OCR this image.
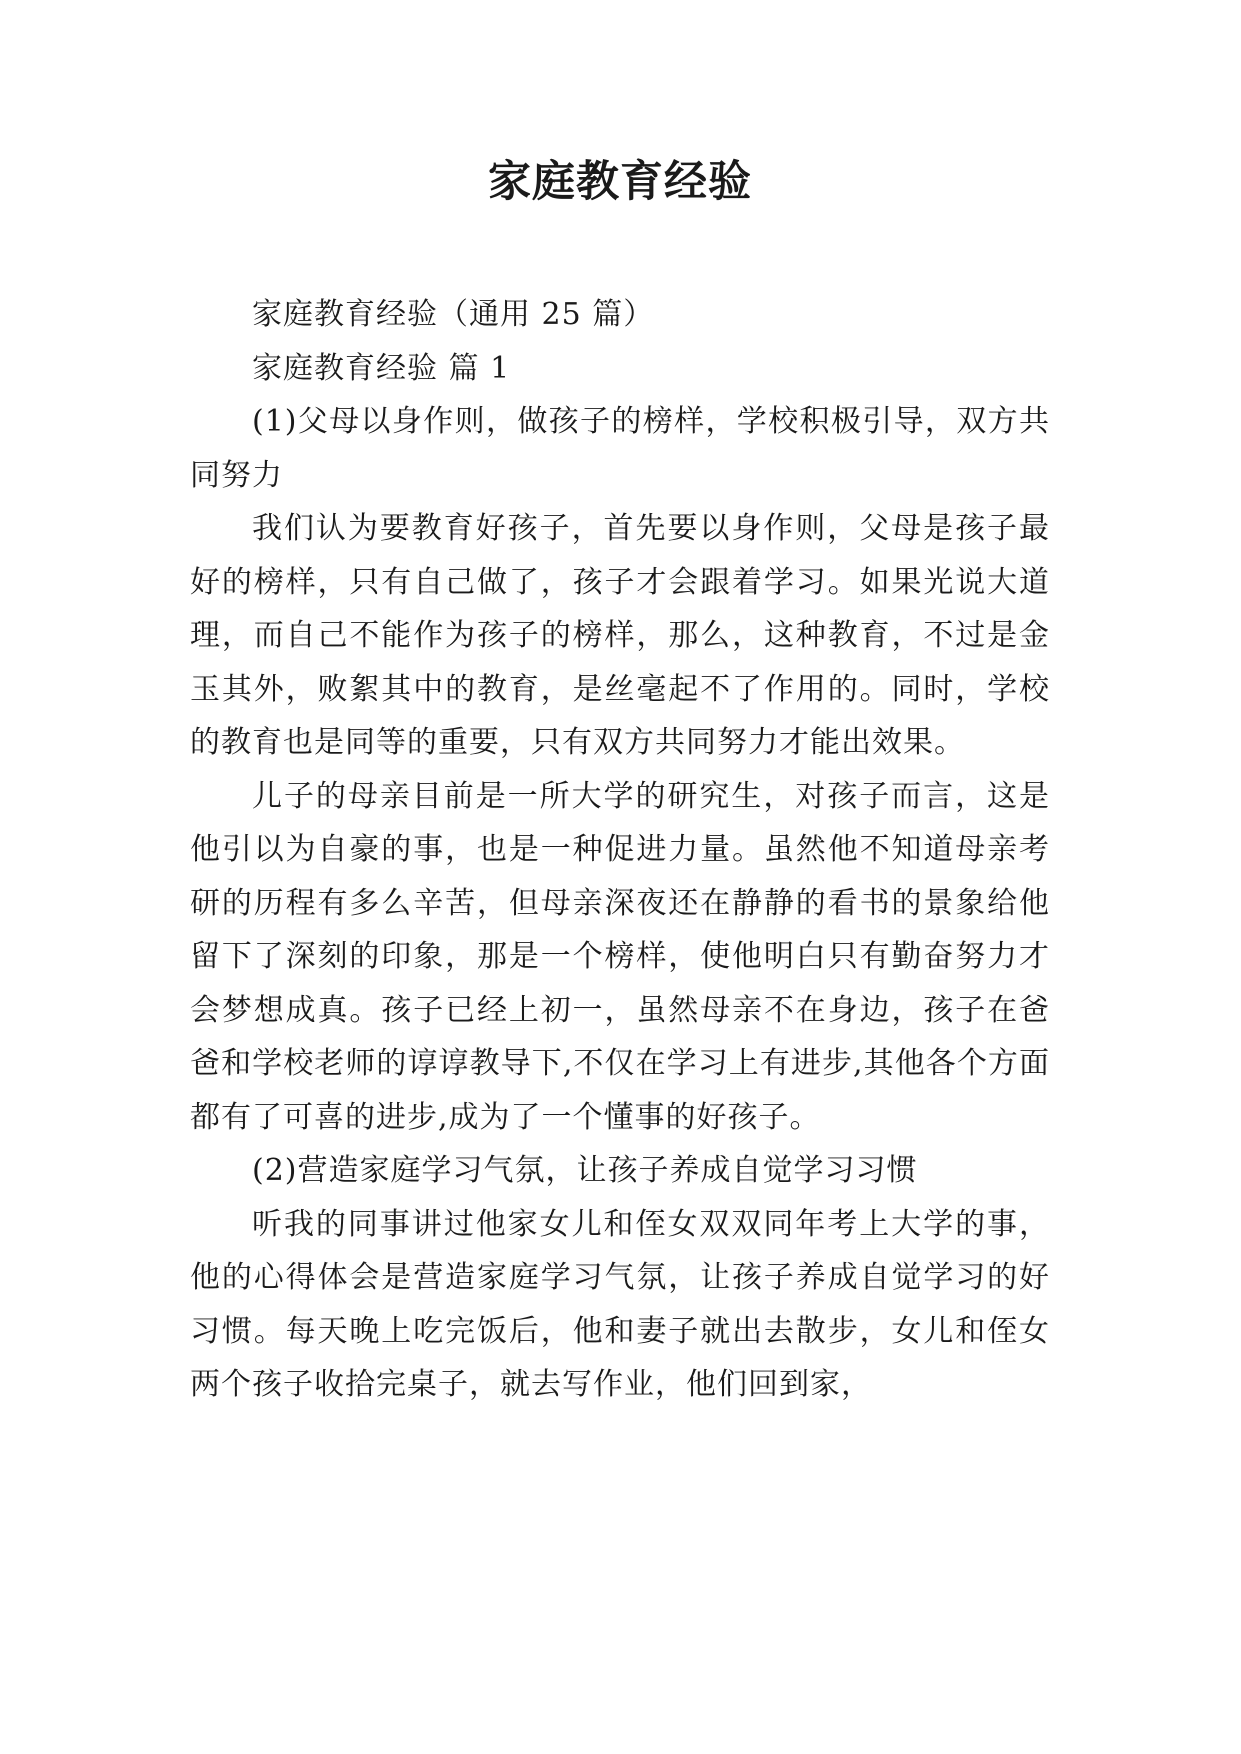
家庭教育经验

家庭教育经验（通用 25 篇）

家庭教育经验 篇 1

(1)父母以身作则，做孩子的榜样，学校积极引导，双方共同努力

我们认为要教育好孩子，首先要以身作则，父母是孩子最好的榜样，只有自己做了，孩子才会跟着学习。如果光说大道理，而自己不能作为孩子的榜样，那么，这种教育，不过是金玉其外，败絮其中的教育，是丝毫起不了作用的。同时，学校的教育也是同等的重要，只有双方共同努力才能出效果。

儿子的母亲目前是一所大学的研究生，对孩子而言，这是他引以为自豪的事，也是一种促进力量。虽然他不知道母亲考研的历程有多么辛苦，但母亲深夜还在静静的看书的景象给他留下了深刻的印象，那是一个榜样，使他明白只有勤奋努力才会梦想成真。孩子已经上初一，虽然母亲不在身边，孩子在爸爸和学校老师的谆谆教导下,不仅在学习上有进步,其他各个方面都有了可喜的进步,成为了一个懂事的好孩子。

(2)营造家庭学习气氛，让孩子养成自觉学习习惯

听我的同事讲过他家女儿和侄女双双同年考上大学的事，他的心得体会是营造家庭学习气氛，让孩子养成自觉学习的好习惯。每天晚上吃完饭后，他和妻子就出去散步，女儿和侄女两个孩子收拾完桌子，就去写作业，他们回到家，
